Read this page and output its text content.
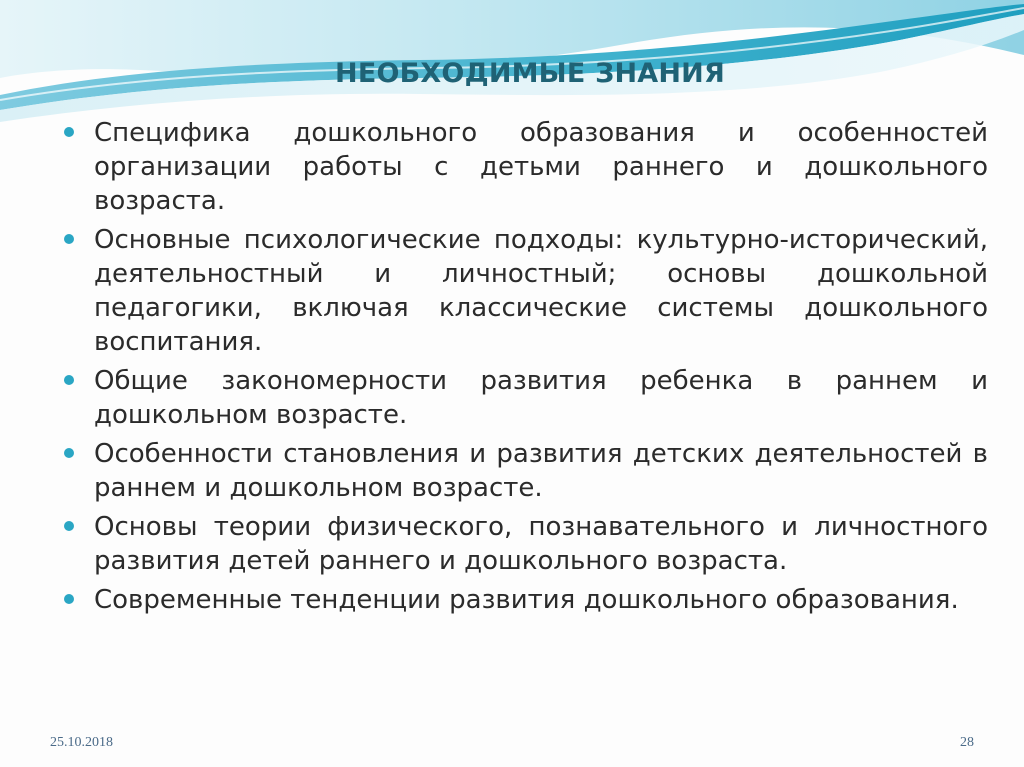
НЕОБХОДИМЫЕ ЗНАНИЯ
Специфика дошкольного образования и особенностей организации работы с детьми раннего и дошкольного возраста.
Основные психологические подходы: культурно-исторический, деятельностный и личностный; основы дошкольной педагогики, включая классические системы дошкольного воспитания.
Общие закономерности развития ребенка в раннем и дошкольном возрасте.
Особенности становления и развития детских деятельностей в раннем и дошкольном возрасте.
Основы теории физического, познавательного и личностного развития детей раннего и дошкольного возраста.
Современные тенденции развития дошкольного образования.
25.10.2018	28
